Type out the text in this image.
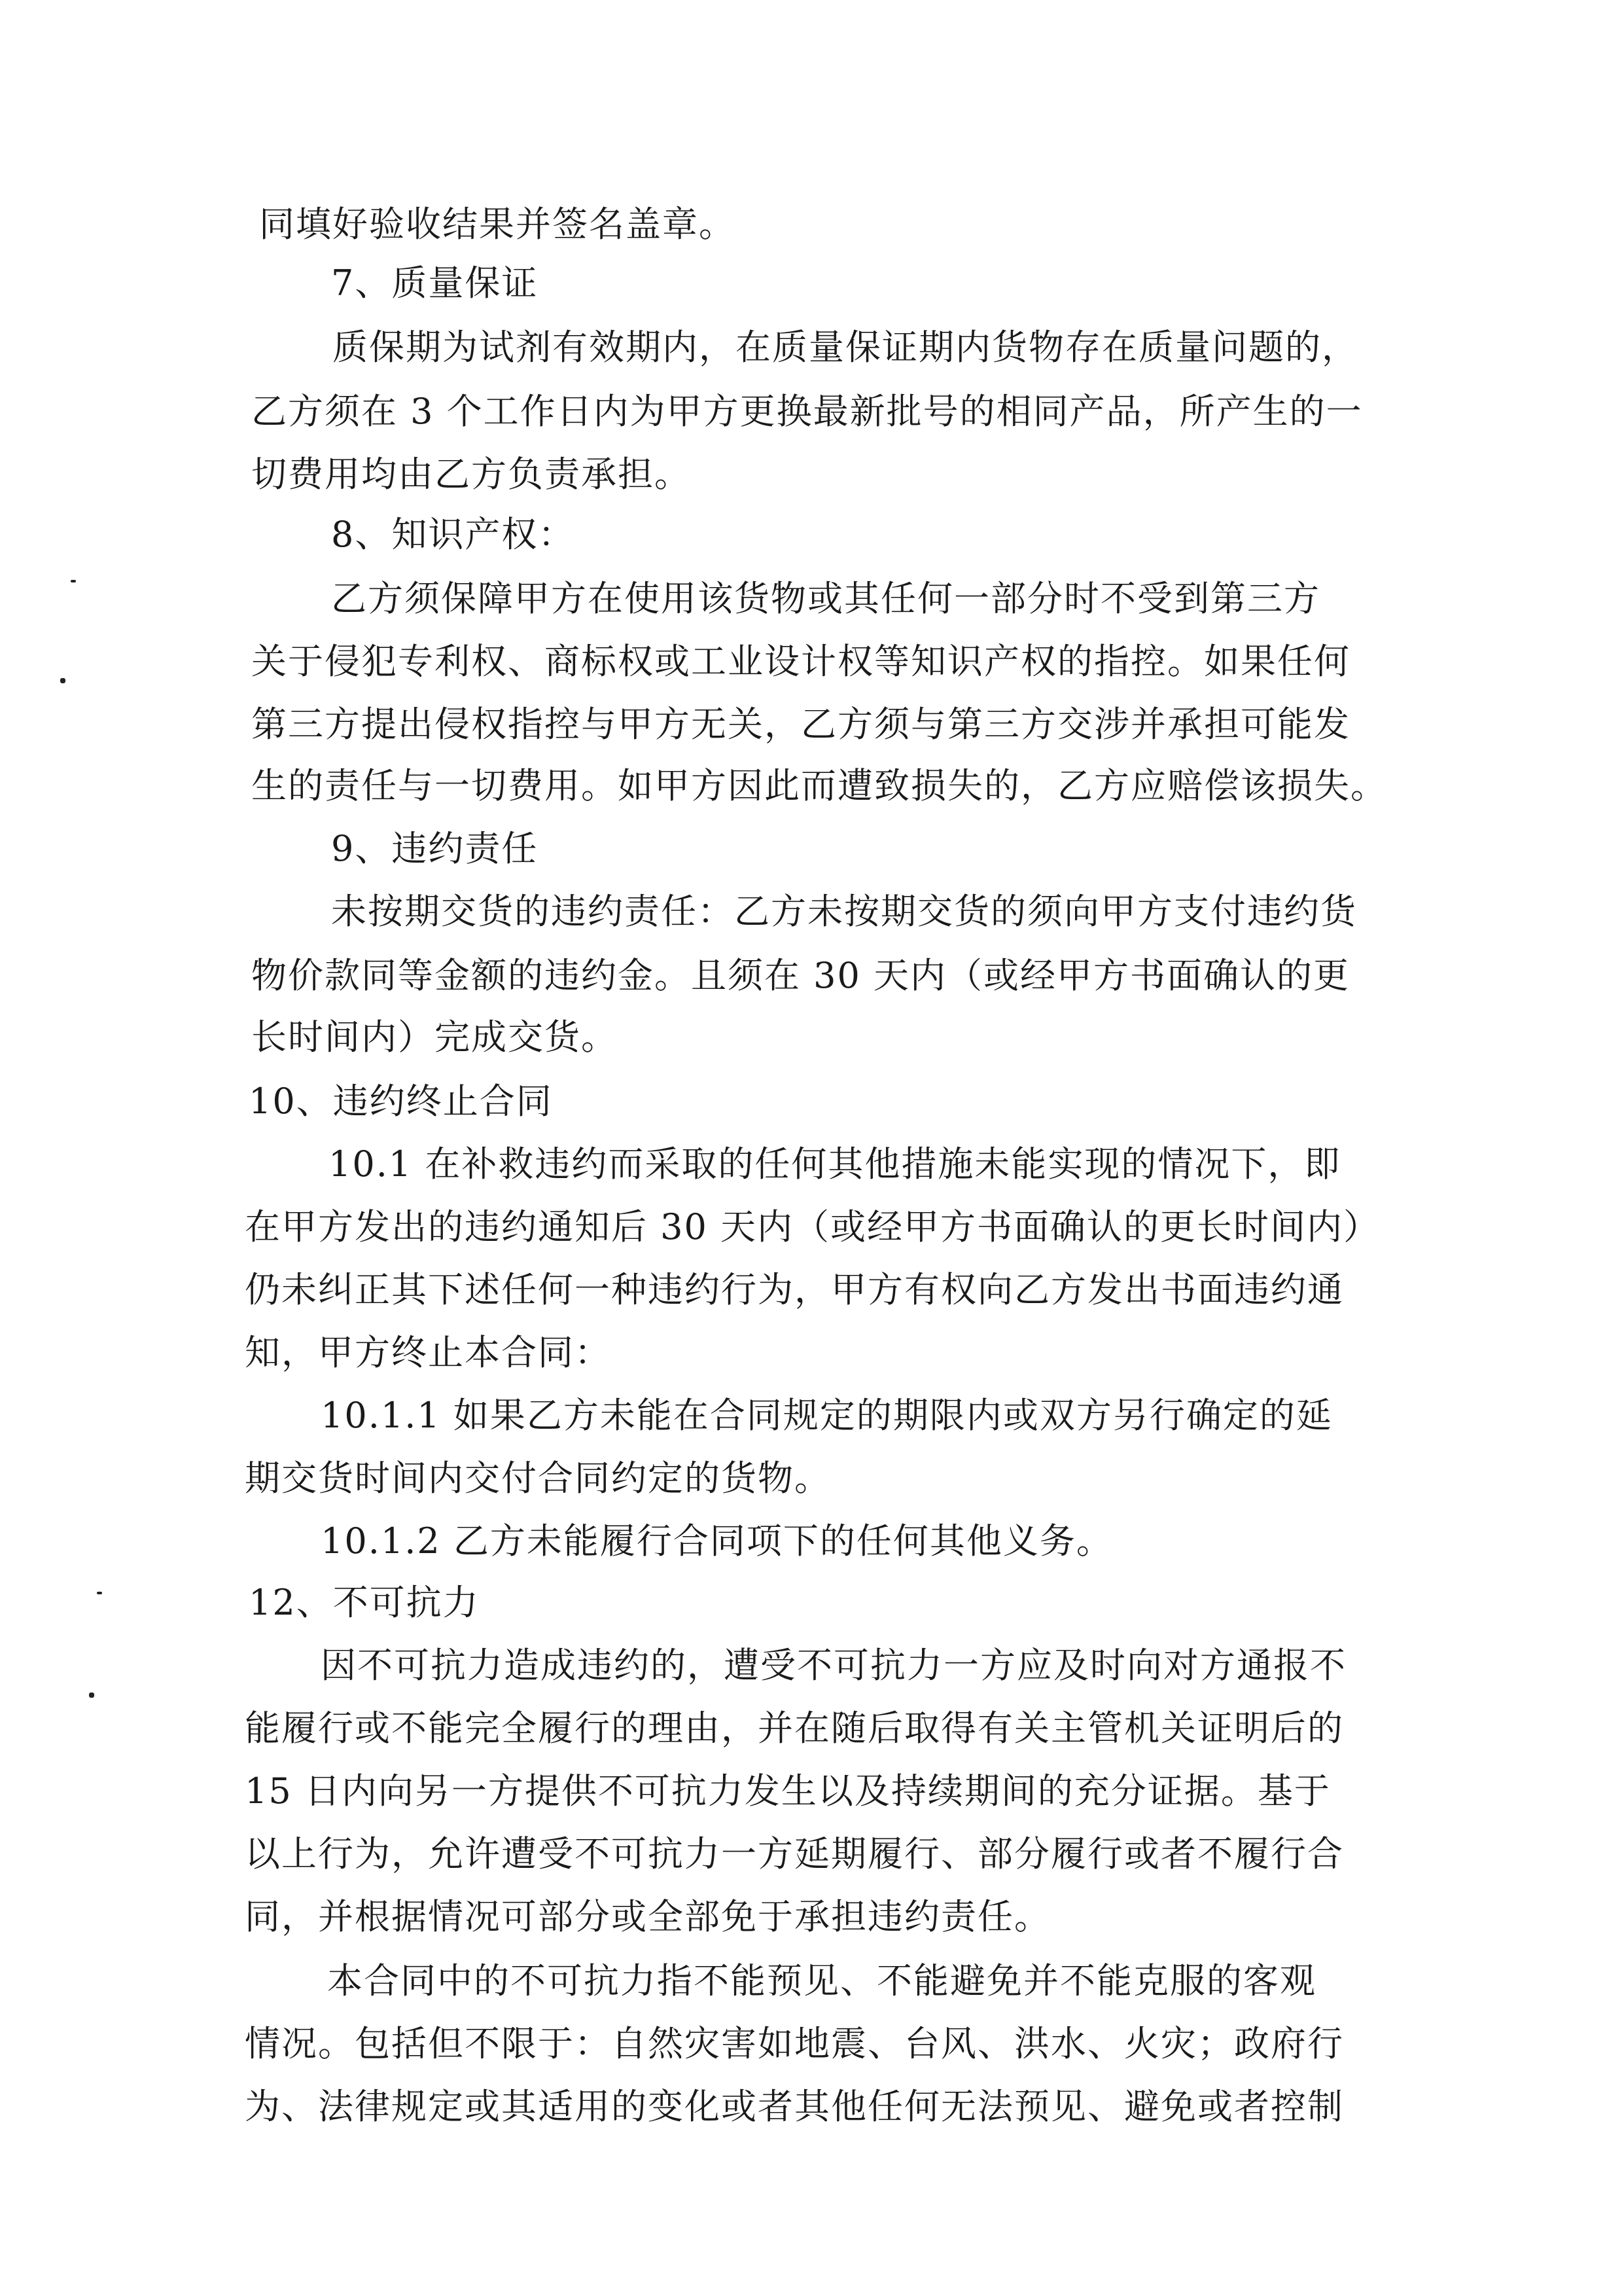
同填好验收结果并签名盖章。
7、质量保证
质保期为试剂有效期内，在质量保证期内货物存在质量问题的，
乙方须在 3 个工作日内为甲方更换最新批号的相同产品，所产生的一
切费用均由乙方负责承担。
8、知识产权：
乙方须保障甲方在使用该货物或其任何一部分时不受到第三方
关于侵犯专利权、商标权或工业设计权等知识产权的指控。如果任何
第三方提出侵权指控与甲方无关，乙方须与第三方交涉并承担可能发
生的责任与一切费用。如甲方因此而遭致损失的，乙方应赔偿该损失。
9、违约责任
未按期交货的违约责任：乙方未按期交货的须向甲方支付违约货
物价款同等金额的违约金。且须在 30 天内（或经甲方书面确认的更
长时间内）完成交货。
10、违约终止合同
10.1 在补救违约而采取的任何其他措施未能实现的情况下，即
在甲方发出的违约通知后 30 天内（或经甲方书面确认的更长时间内）
仍未纠正其下述任何一种违约行为，甲方有权向乙方发出书面违约通
知，甲方终止本合同：
10.1.1 如果乙方未能在合同规定的期限内或双方另行确定的延
期交货时间内交付合同约定的货物。
10.1.2 乙方未能履行合同项下的任何其他义务。
12、不可抗力
因不可抗力造成违约的，遭受不可抗力一方应及时向对方通报不
能履行或不能完全履行的理由，并在随后取得有关主管机关证明后的
15 日内向另一方提供不可抗力发生以及持续期间的充分证据。基于
以上行为，允许遭受不可抗力一方延期履行、部分履行或者不履行合
同，并根据情况可部分或全部免于承担违约责任。
本合同中的不可抗力指不能预见、不能避免并不能克服的客观
情况。包括但不限于：自然灾害如地震、台风、洪水、火灾；政府行
为、法律规定或其适用的变化或者其他任何无法预见、避免或者控制
